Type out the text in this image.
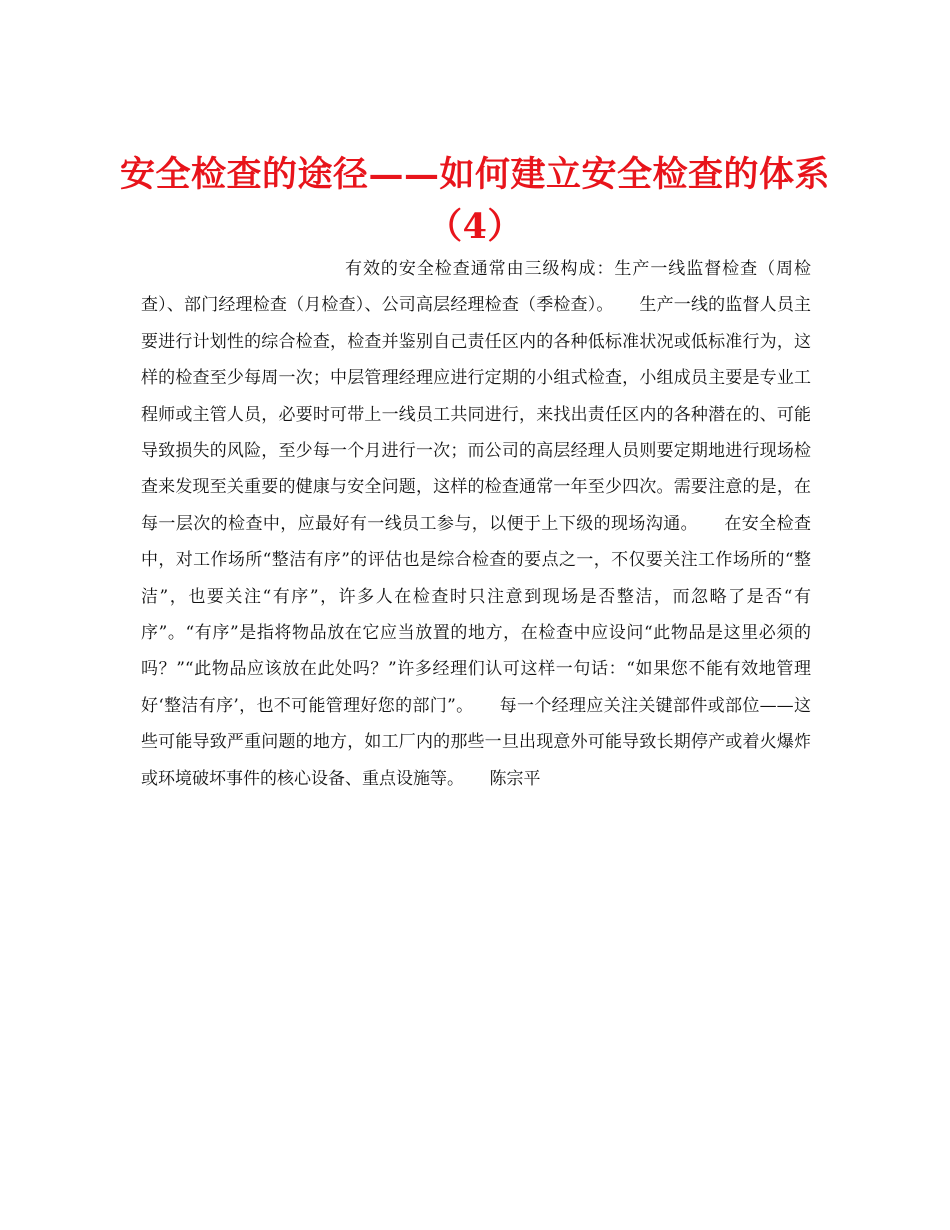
安全检查的途径——如何建立安全检查的体系（4）

有效的安全检查通常由三级构成：生产一线监督检查（周检查）、部门经理检查（月检查）、公司高层经理检查（季检查）。　　生产一线的监督人员主要进行计划性的综合检查，检查并鉴别自己责任区内的各种低标准状况或低标准行为，这样的检查至少每周一次；中层管理经理应进行定期的小组式检查，小组成员主要是专业工程师或主管人员，必要时可带上一线员工共同进行，来找出责任区内的各种潜在的、可能导致损失的风险，至少每一个月进行一次；而公司的高层经理人员则要定期地进行现场检查来发现至关重要的健康与安全问题，这样的检查通常一年至少四次。需要注意的是，在每一层次的检查中，应最好有一线员工参与，以便于上下级的现场沟通。　　在安全检查中，对工作场所“整洁有序”的评估也是综合检查的要点之一，不仅要关注工作场所的“整洁”，也要关注“有序”，许多人在检查时只注意到现场是否整洁，而忽略了是否“有序”。“有序”是指将物品放在它应当放置的地方，在检查中应设问“此物品是这里必须的吗？”“此物品应该放在此处吗？”许多经理们认可这样一句话：“如果您不能有效地管理好‘整洁有序’，也不可能管理好您的部门”。　　每一个经理应关注关键部件或部位——这些可能导致严重问题的地方，如工厂内的那些一旦出现意外可能导致长期停产或着火爆炸或环境破坏事件的核心设备、重点设施等。　　陈宗平
